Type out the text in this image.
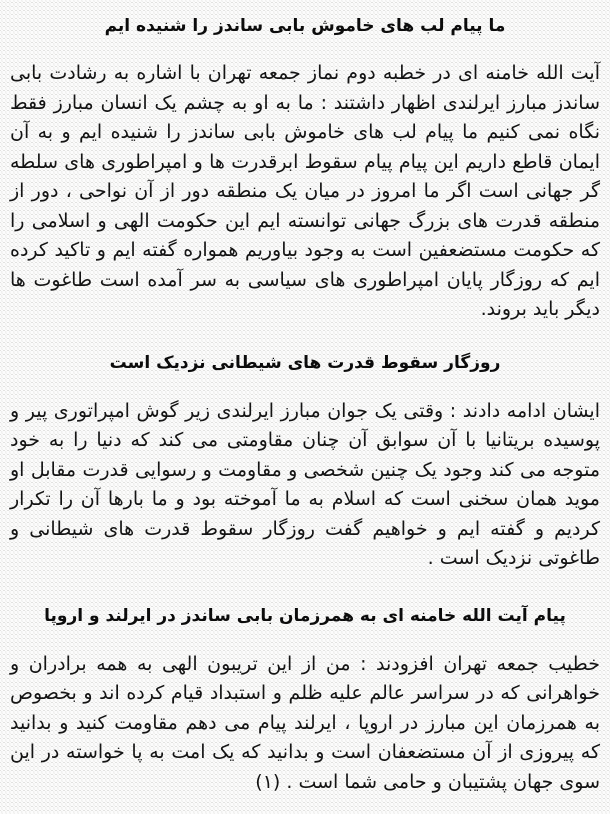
ما پیام لب های خاموش بابی ساندز را شنیده ایم

آیت الله خامنه ای در خطبه دوم نماز جمعه تهران با اشاره به رشادت بابی ساندز مبارز ایرلندی اظهار داشتند : ما به او به چشم یک انسان مبارز فقط نگاه نمی کنیم ما پیام لب های خاموش بابی ساندز را شنیده ایم و به آن ایمان قاطع داریم این پیام پیام سقوط ابرقدرت ها و امپراطوری های سلطه گر جهانی است اگر ما امروز در میان یک منطقه دور از آن نواحی ، دور از منطقه قدرت های بزرگ جهانی توانسته ایم این حکومت الهی و اسلامی را که حکومت مستضعفین است به وجود بیاوریم همواره گفته ایم و تاکید کرده ایم که روزگار پایان امپراطوری های سیاسی به سر آمده است طاغوت ها دیگر باید بروند.

روزگار سقوط قدرت های شیطانی نزدیک است

ایشان ادامه دادند : وقتی یک جوان مبارز ایرلندی زیر گوش امپراتوری پیر و پوسیده بریتانیا با آن سوابق آن چنان مقاومتی می کند که دنیا را به خود متوجه می کند وجود یک چنین شخصی و مقاومت و رسوایی قدرت مقابل او موید همان سخنی است که اسلام به ما آموخته بود و ما بارها آن را تکرار کردیم و گفته ایم و خواهیم گفت روزگار سقوط قدرت های شیطانی و طاغوتی نزدیک است .

پیام آیت الله خامنه ای به همرزمان بابی ساندز در ایرلند و اروپا

خطیب جمعه تهران افزودند : من از این تریبون الهی به همه برادران و خواهرانی که در سراسر عالم علیه ظلم و استبداد قیام کرده اند و بخصوص به همرزمان این مبارز در اروپا ، ایرلند پیام می دهم مقاومت کنید و بدانید که پیروزی از آن مستضعفان است و بدانید که یک امت به پا خواسته در این سوی جهان پشتیبان و حامی شما است . (۱)
